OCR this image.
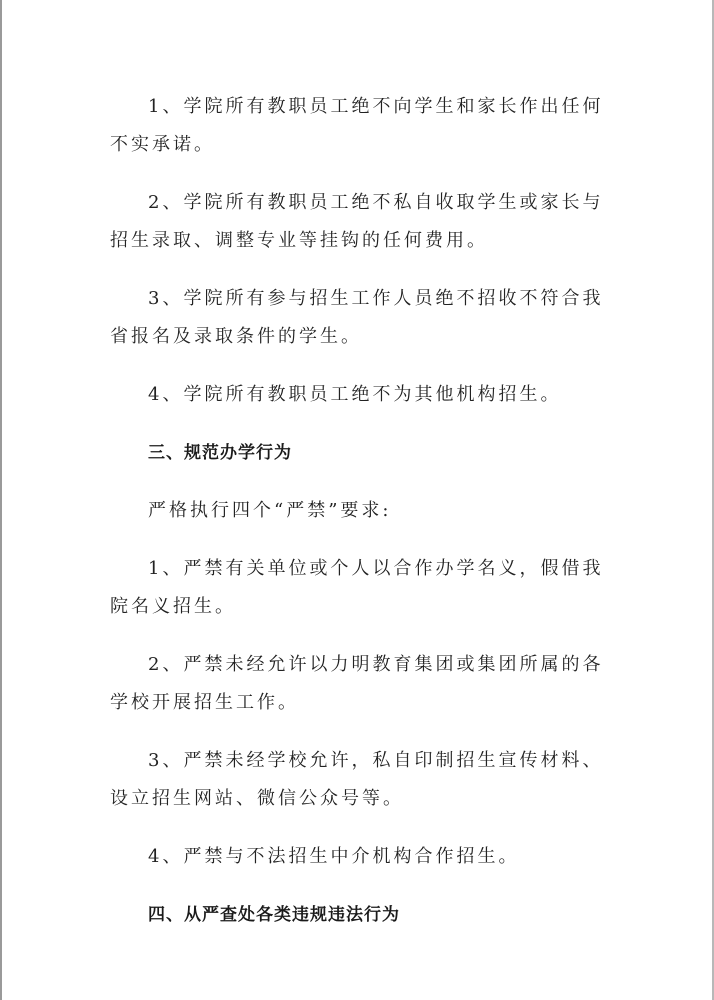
1、学院所有教职员工绝不向学生和家长作出任何不实承诺。

2、学院所有教职员工绝不私自收取学生或家长与招生录取、调整专业等挂钩的任何费用。

3、学院所有参与招生工作人员绝不招收不符合我省报名及录取条件的学生。

4、学院所有教职员工绝不为其他机构招生。

三、规范办学行为

严格执行四个“严禁”要求:

1、严禁有关单位或个人以合作办学名义，假借我院名义招生。

2、严禁未经允许以力明教育集团或集团所属的各学校开展招生工作。

3、严禁未经学校允许，私自印制招生宣传材料、设立招生网站、微信公众号等。

4、严禁与不法招生中介机构合作招生。

四、从严查处各类违规违法行为
